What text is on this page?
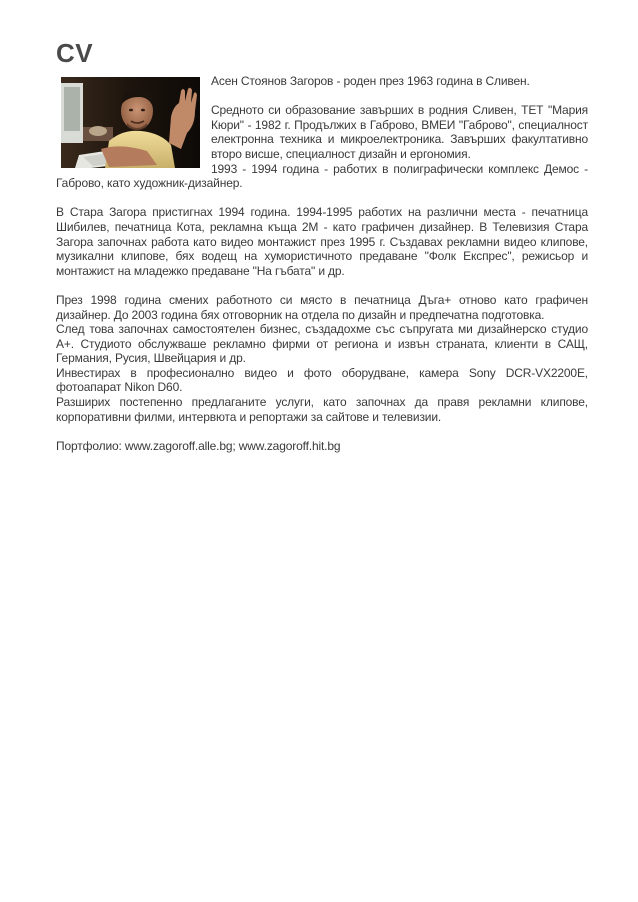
CV

Асен Стоянов Загоров - роден през 1963 година в Сливен.

Средното си образование завърших в родния Сливен, ТЕТ "Мария Кюри" - 1982 г. Продължих в Габрово, ВМЕИ "Габрово", специалност електронна техника и микроелектроника. Завърших факултативно второ висше, специалност дизайн и ергономия.

1993 - 1994 година - работих в полиграфически комплекс Демос - Габрово, като художник-дизайнер.

В Стара Загора пристигнах 1994 година. 1994-1995 работих на различни места - печатница Шибилев, печатница Кота, рекламна къща 2М - като графичен дизайнер. В Телевизия Стара Загора започнах работа като видео монтажист през 1995 г. Създавах рекламни видео клипове, музикални клипове, бях водещ на хумористичното предаване "Фолк Експрес", режисьор и монтажист на младежко предаване "На гъбата" и др.

През 1998 година смених работното си място в печатница Дъга+ отново като графичен дизайнер. До 2003 година бях отговорник на отдела по дизайн и предпечатна подготовка.

След това започнах самостоятелен бизнес, създадохме със съпругата ми дизайнерско студио А+. Студиото обслужваше рекламно фирми от региона и извън страната, клиенти в САЩ, Германия, Русия, Швейцария и др.

Инвестирах в професионално видео и фото оборудване, камера Sony DCR-VX2200E, фотоапарат Nikon D60.

Разширих постепенно предлаганите услуги, като започнах да правя рекламни клипове, корпоративни филми, интервюта и репортажи за сайтове и телевизии.

Портфолио: www.zagoroff.alle.bg; www.zagoroff.hit.bg
